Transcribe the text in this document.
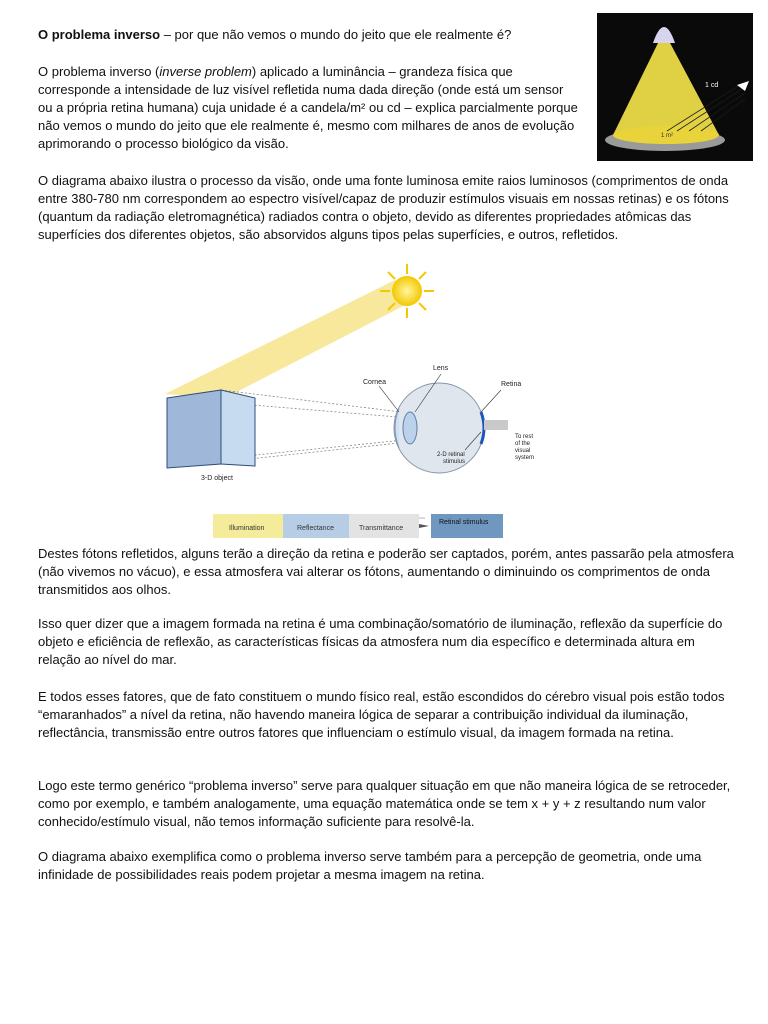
O problema inverso – por que não vemos o mundo do jeito que ele realmente é?

O problema inverso (inverse problem) aplicado a luminância – grandeza física que corresponde a intensidade de luz visível refletida numa dada direção (onde está um sensor ou a própria retina humana) cuja unidade é a candela/m² ou cd – explica parcialmente porque não vemos o mundo do jeito que ele realmente é, mesmo com milhares de anos de evolução aprimorando o processo biológico da visão.

1 cd
1 m²

O diagrama abaixo ilustra o processo da visão, onde uma fonte luminosa emite raios luminosos (comprimentos de onda entre 380-780 nm correspondem ao espectro visível/capaz de produzir estímulos visuais em nossas retinas) e os fótons (quantum da radiação eletromagnética) radiados contra o objeto, devido as diferentes propriedades atômicas das superfícies dos diferentes objetos, são absorvidos alguns tipos pelas superfícies, e outros, refletidos.

3-D object
Cornea
Lens
Retina
2-D retinal
stimulus
To rest
of the
visual
system
Illumination	Reflectance	Transmittance
Retinal stimulus

Destes fótons refletidos, alguns terão a direção da retina e poderão ser captados, porém, antes passarão pela atmosfera (não vivemos no vácuo), e essa atmosfera vai alterar os fótons, aumentando o diminuindo os comprimentos de onda transmitidos aos olhos.

Isso quer dizer que a imagem formada na retina é uma combinação/somatório de iluminação, reflexão da superfície do objeto e eficiência de reflexão, as características físicas da atmosfera num dia específico e determinada altura em relação ao nível do mar.

E todos esses fatores, que de fato constituem o mundo físico real, estão escondidos do cérebro visual pois estão todos “emaranhados” a nível da retina, não havendo maneira lógica de separar a contribuição individual da iluminação, reflectância, transmissão entre outros fatores que influenciam o estímulo visual, da imagem formada na retina.

Logo este termo genérico “problema inverso” serve para qualquer situação em que não maneira lógica de se retroceder, como por exemplo, e também analogamente, uma equação matemática onde se tem x + y + z resultando num valor conhecido/estímulo visual, não temos informação suficiente para resolvê-la.

O diagrama abaixo exemplifica como o problema inverso serve também para a percepção de geometria, onde uma infinidade de possibilidades reais podem projetar a mesma imagem na retina.
